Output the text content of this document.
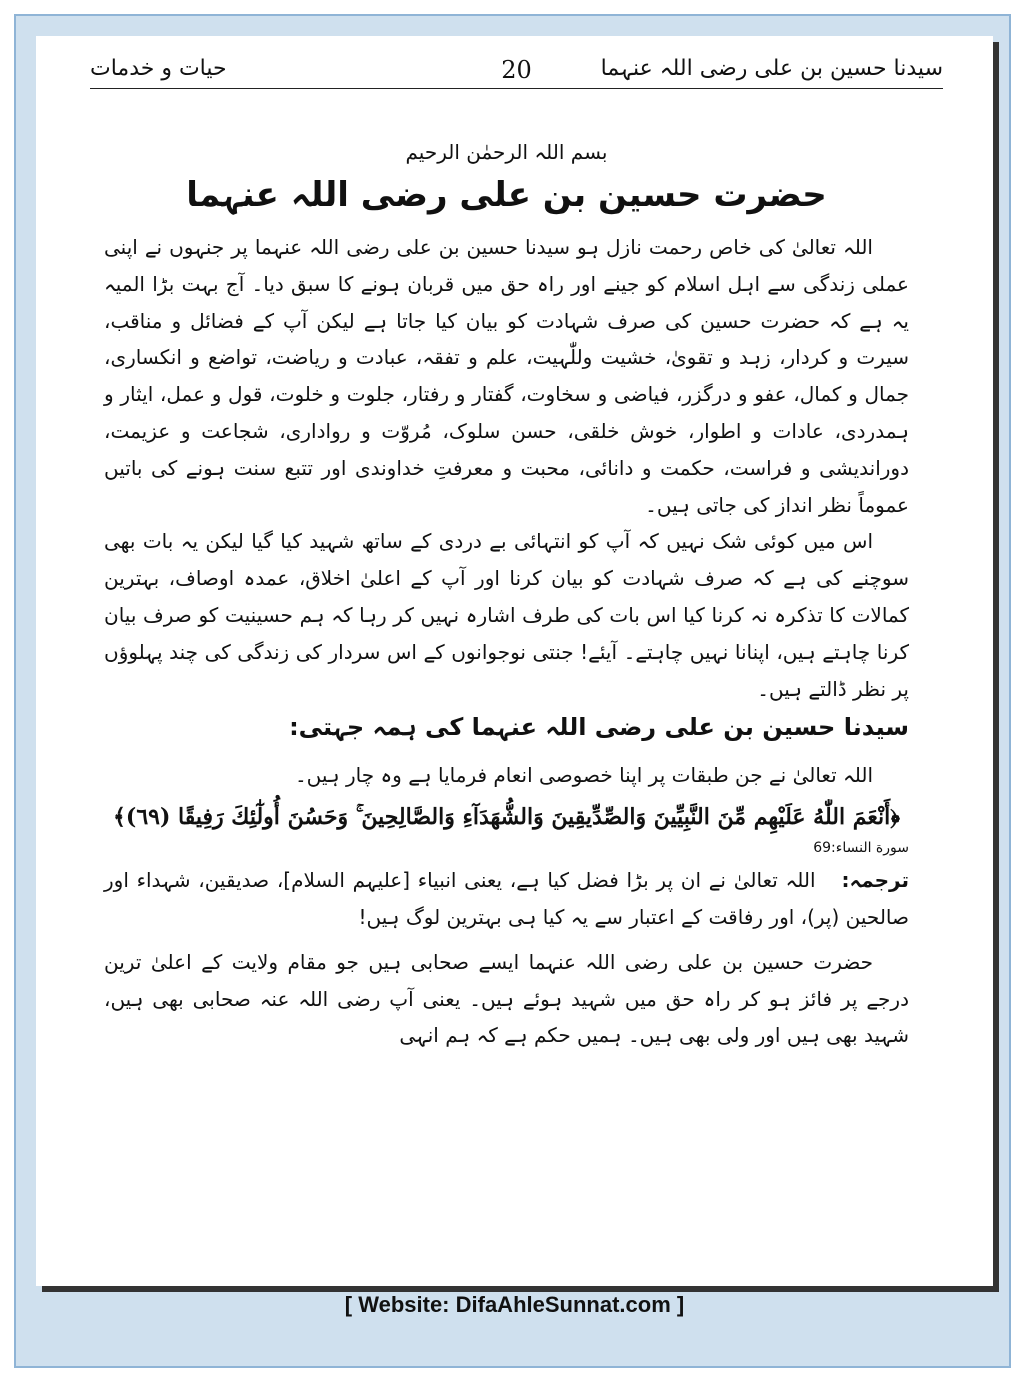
سیدنا حسین بن علی رضی اللہ عنہما
20
حیات و خدمات

بسم اللہ الرحمٰن الرحیم

حضرت حسین بن علی رضی اللہ عنہما

اللہ تعالیٰ کی خاص رحمت نازل ہو سیدنا حسین بن علی رضی اللہ عنہما پر جنہوں نے اپنی عملی زندگی سے اہل اسلام کو جینے اور راہ حق میں قربان ہونے کا سبق دیا۔ آج بہت بڑا المیہ یہ ہے کہ حضرت حسین کی صرف شہادت کو بیان کیا جاتا ہے لیکن آپ کے فضائل و مناقب، سیرت و کردار، زہد و تقویٰ، خشیت وللّٰہیت، علم و تفقہ، عبادت و ریاضت، تواضع و انکساری، جمال و کمال، عفو و درگزر، فیاضی و سخاوت، گفتار و رفتار، جلوت و خلوت، قول و عمل، ایثار و ہمدردی، عادات و اطوار، خوش خلقی، حسن سلوک، مُروّت و رواداری، شجاعت و عزیمت، دوراندیشی و فراست، حکمت و دانائی، محبت و معرفتِ خداوندی اور تتبع سنت ہونے کی باتیں عموماً نظر انداز کی جاتی ہیں۔

اس میں کوئی شک نہیں کہ آپ کو انتہائی بے دردی کے ساتھ شہید کیا گیا لیکن یہ بات بھی سوچنے کی ہے کہ صرف شہادت کو بیان کرنا اور آپ کے اعلیٰ اخلاق، عمدہ اوصاف، بہترین کمالات کا تذکرہ نہ کرنا کیا اس بات کی طرف اشارہ نہیں کر رہا کہ ہم حسینیت کو صرف بیان کرنا چاہتے ہیں، اپنانا نہیں چاہتے۔ آیئے! جنتی نوجوانوں کے اس سردار کی زندگی کی چند پہلوؤں پر نظر ڈالتے ہیں۔

سیدنا حسین بن علی رضی اللہ عنہما کی ہمہ جہتی:

اللہ تعالیٰ نے جن طبقات پر اپنا خصوصی انعام فرمایا ہے وہ چار ہیں۔

﴿أَنْعَمَ اللّٰهُ عَلَيْهِم مِّنَ النَّبِيِّينَ وَالصِّدِّيقِينَ وَالشُّهَدَآءِ وَالصَّالِحِينَ ۚ وَحَسُنَ أُولٰٓئِكَ رَفِيقًا (٦٩)﴾

سورة النساء:69

ترجمہ:اللہ تعالیٰ نے ان پر بڑا فضل کیا ہے، یعنی انبیاء [علیہم السلام]، صدیقین، شہداء اور صالحین (پر)، اور رفاقت کے اعتبار سے یہ کیا ہی بہترین لوگ ہیں!

حضرت حسین بن علی رضی اللہ عنہما ایسے صحابی ہیں جو مقام ولایت کے اعلیٰ ترین درجے پر فائز ہو کر راہ حق میں شہید ہوئے ہیں۔ یعنی آپ رضی اللہ عنہ صحابی بھی ہیں، شہید بھی ہیں اور ولی بھی ہیں۔ ہمیں حکم ہے کہ ہم انہی

[ Website: DifaAhleSunnat.com ]
